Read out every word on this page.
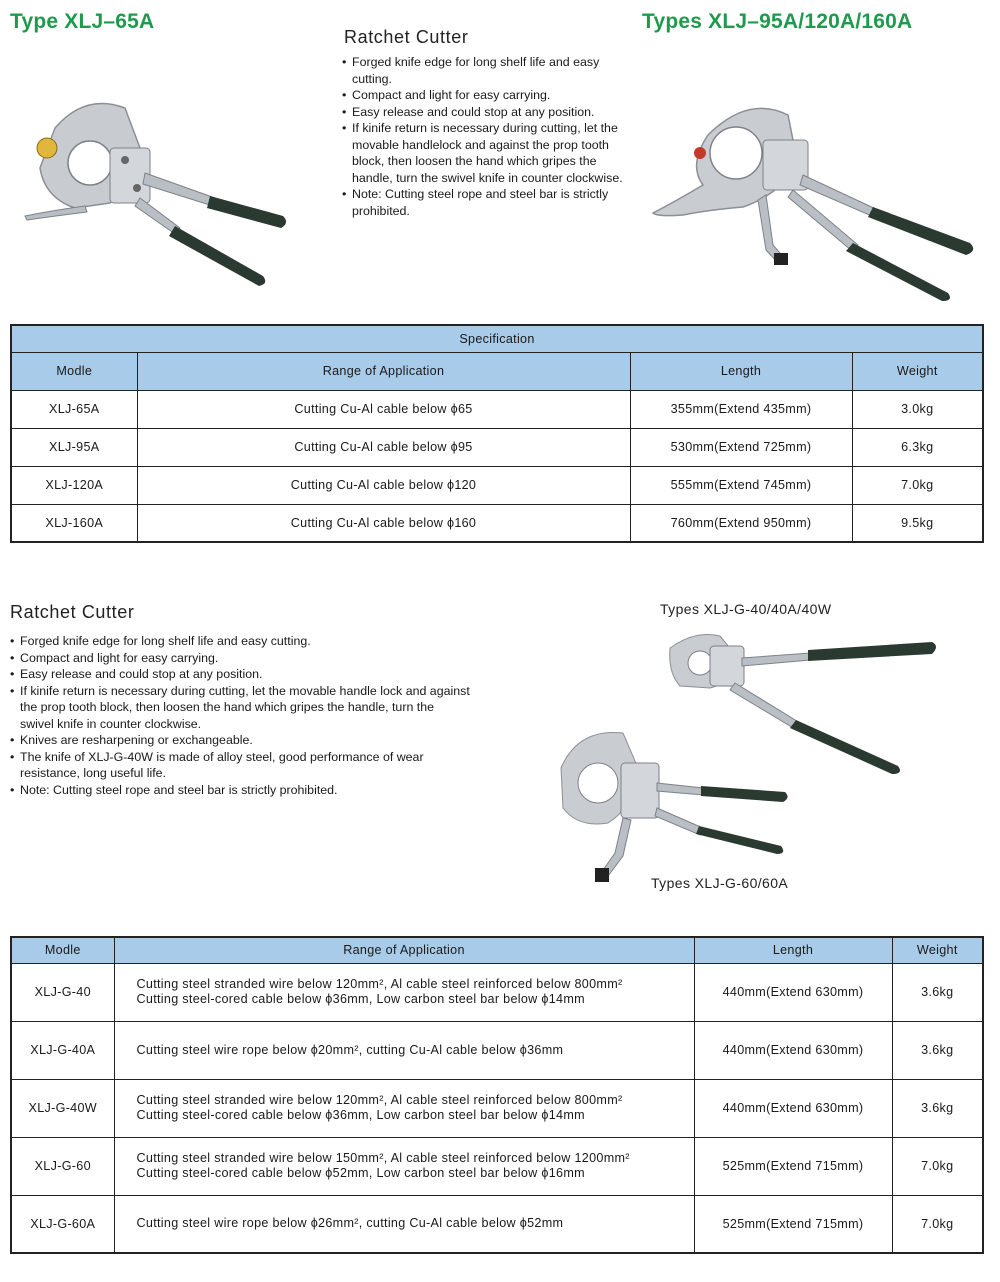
Type XLJ–65A	Types XLJ–95A/120A/160A
Ratchet Cutter
• Forged knife edge for long shelf life and easy cutting.
• Compact and light for easy carrying.
• Easy release and could stop at any position.
• If kinife return is necessary during cutting, let the movable handlelock and against the prop tooth block, then loosen the hand which gripes the handle, turn the swivel knife in counter clockwise.
• Note: Cutting steel rope and steel bar is strictly prohibited.
Specification			
Modle	Range of Application	Length	Weight
XLJ-65A	Cutting Cu-Al cable below ϕ65	355mm(Extend 435mm)	3.0kg
XLJ-95A	Cutting Cu-Al cable below ϕ95	530mm(Extend 725mm)	6.3kg
XLJ-120A	Cutting Cu-Al cable below ϕ120	555mm(Extend 745mm)	7.0kg
XLJ-160A	Cutting Cu-Al cable below ϕ160	760mm(Extend 950mm)	9.5kg
Ratchet Cutter
• Forged knife edge for long shelf life and easy cutting.
• Compact and light for easy carrying.
• Easy release and could stop at any position.
• If kinife return is necessary during cutting, let the movable handle lock and against the prop tooth block, then loosen the hand which gripes the handle, turn the swivel knife in counter clockwise.
• Knives are resharpening or exchangeable.
• The knife of XLJ-G-40W is made of alloy steel, good performance of wear resistance, long useful life.
• Note: Cutting steel rope and steel bar is strictly prohibited.
Types XLJ-G-40/40A/40W
Types XLJ-G-60/60A
Modle	Range of Application	Length	Weight
XLJ-G-40	Cutting steel stranded wire below 120mm², Al cable steel reinforced below 800mm²
Cutting steel-cored cable below ϕ36mm, Low carbon steel bar below ϕ14mm	440mm(Extend 630mm)	3.6kg
XLJ-G-40A	Cutting steel wire rope below ϕ20mm², cutting Cu-Al cable below ϕ36mm	440mm(Extend 630mm)	3.6kg
XLJ-G-40W	Cutting steel stranded wire below 120mm², Al cable steel reinforced below 800mm²
Cutting steel-cored cable below ϕ36mm, Low carbon steel bar below ϕ14mm	440mm(Extend 630mm)	3.6kg
XLJ-G-60	Cutting steel stranded wire below 150mm², Al cable steel reinforced below 1200mm²
Cutting steel-cored cable below ϕ52mm, Low carbon steel bar below ϕ16mm	525mm(Extend 715mm)	7.0kg
XLJ-G-60A	Cutting steel wire rope below ϕ26mm², cutting Cu-Al cable below ϕ52mm	525mm(Extend 715mm)	7.0kg
